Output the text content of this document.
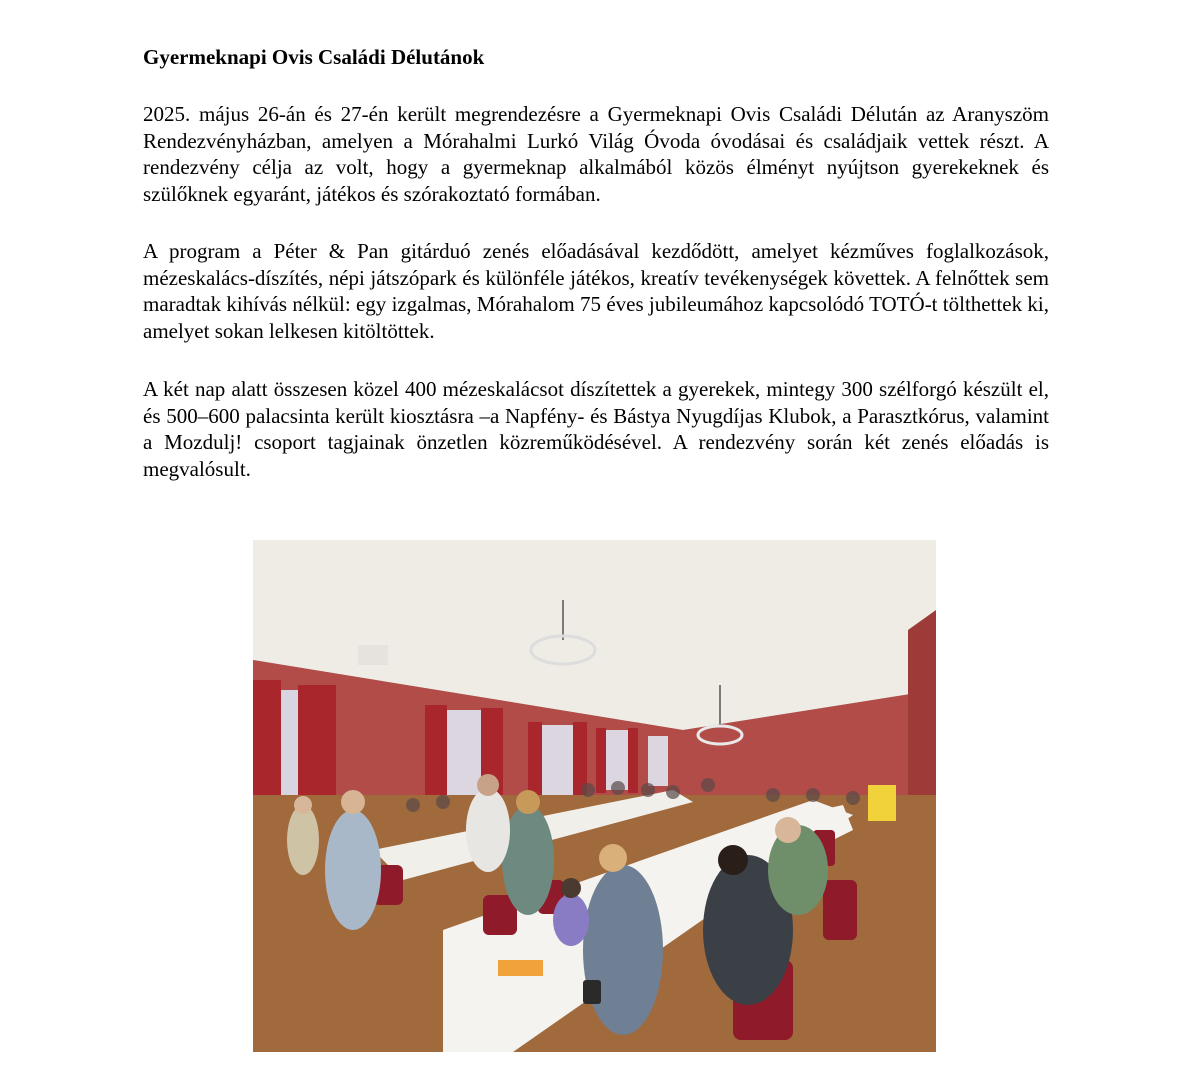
Gyermeknapi Ovis Családi Délutánok

2025. május 26-án és 27-én került megrendezésre a Gyermeknapi Ovis Családi Délután az Aranyszöm Rendezvényházban, amelyen a Mórahalmi Lurkó Világ Óvoda óvodásai és családjaik vettek részt. A rendezvény célja az volt, hogy a gyermeknap alkalmából közös élményt nyújtson gyerekeknek és szülőknek egyaránt, játékos és szórakoztató formában.

A program a Péter & Pan gitárduó zenés előadásával kezdődött, amelyet kézműves foglalkozások, mézeskalács-díszítés, népi játszópark és különféle játékos, kreatív tevékenységek követtek. A felnőttek sem maradtak kihívás nélkül: egy izgalmas, Mórahalom 75 éves jubileumához kapcsolódó TOTÓ-t tölthettek ki, amelyet sokan lelkesen kitöltöttek.

A két nap alatt összesen közel 400 mézeskalácsot díszítettek a gyerekek, mintegy 300 szélforgó készült el, és 500–600 palacsinta került kiosztásra –a Napfény- és Bástya Nyugdíjas Klubok, a Parasztkórus, valamint a Mozdulj! csoport tagjainak önzetlen közreműködésével. A rendezvény során két zenés előadás is megvalósult.
